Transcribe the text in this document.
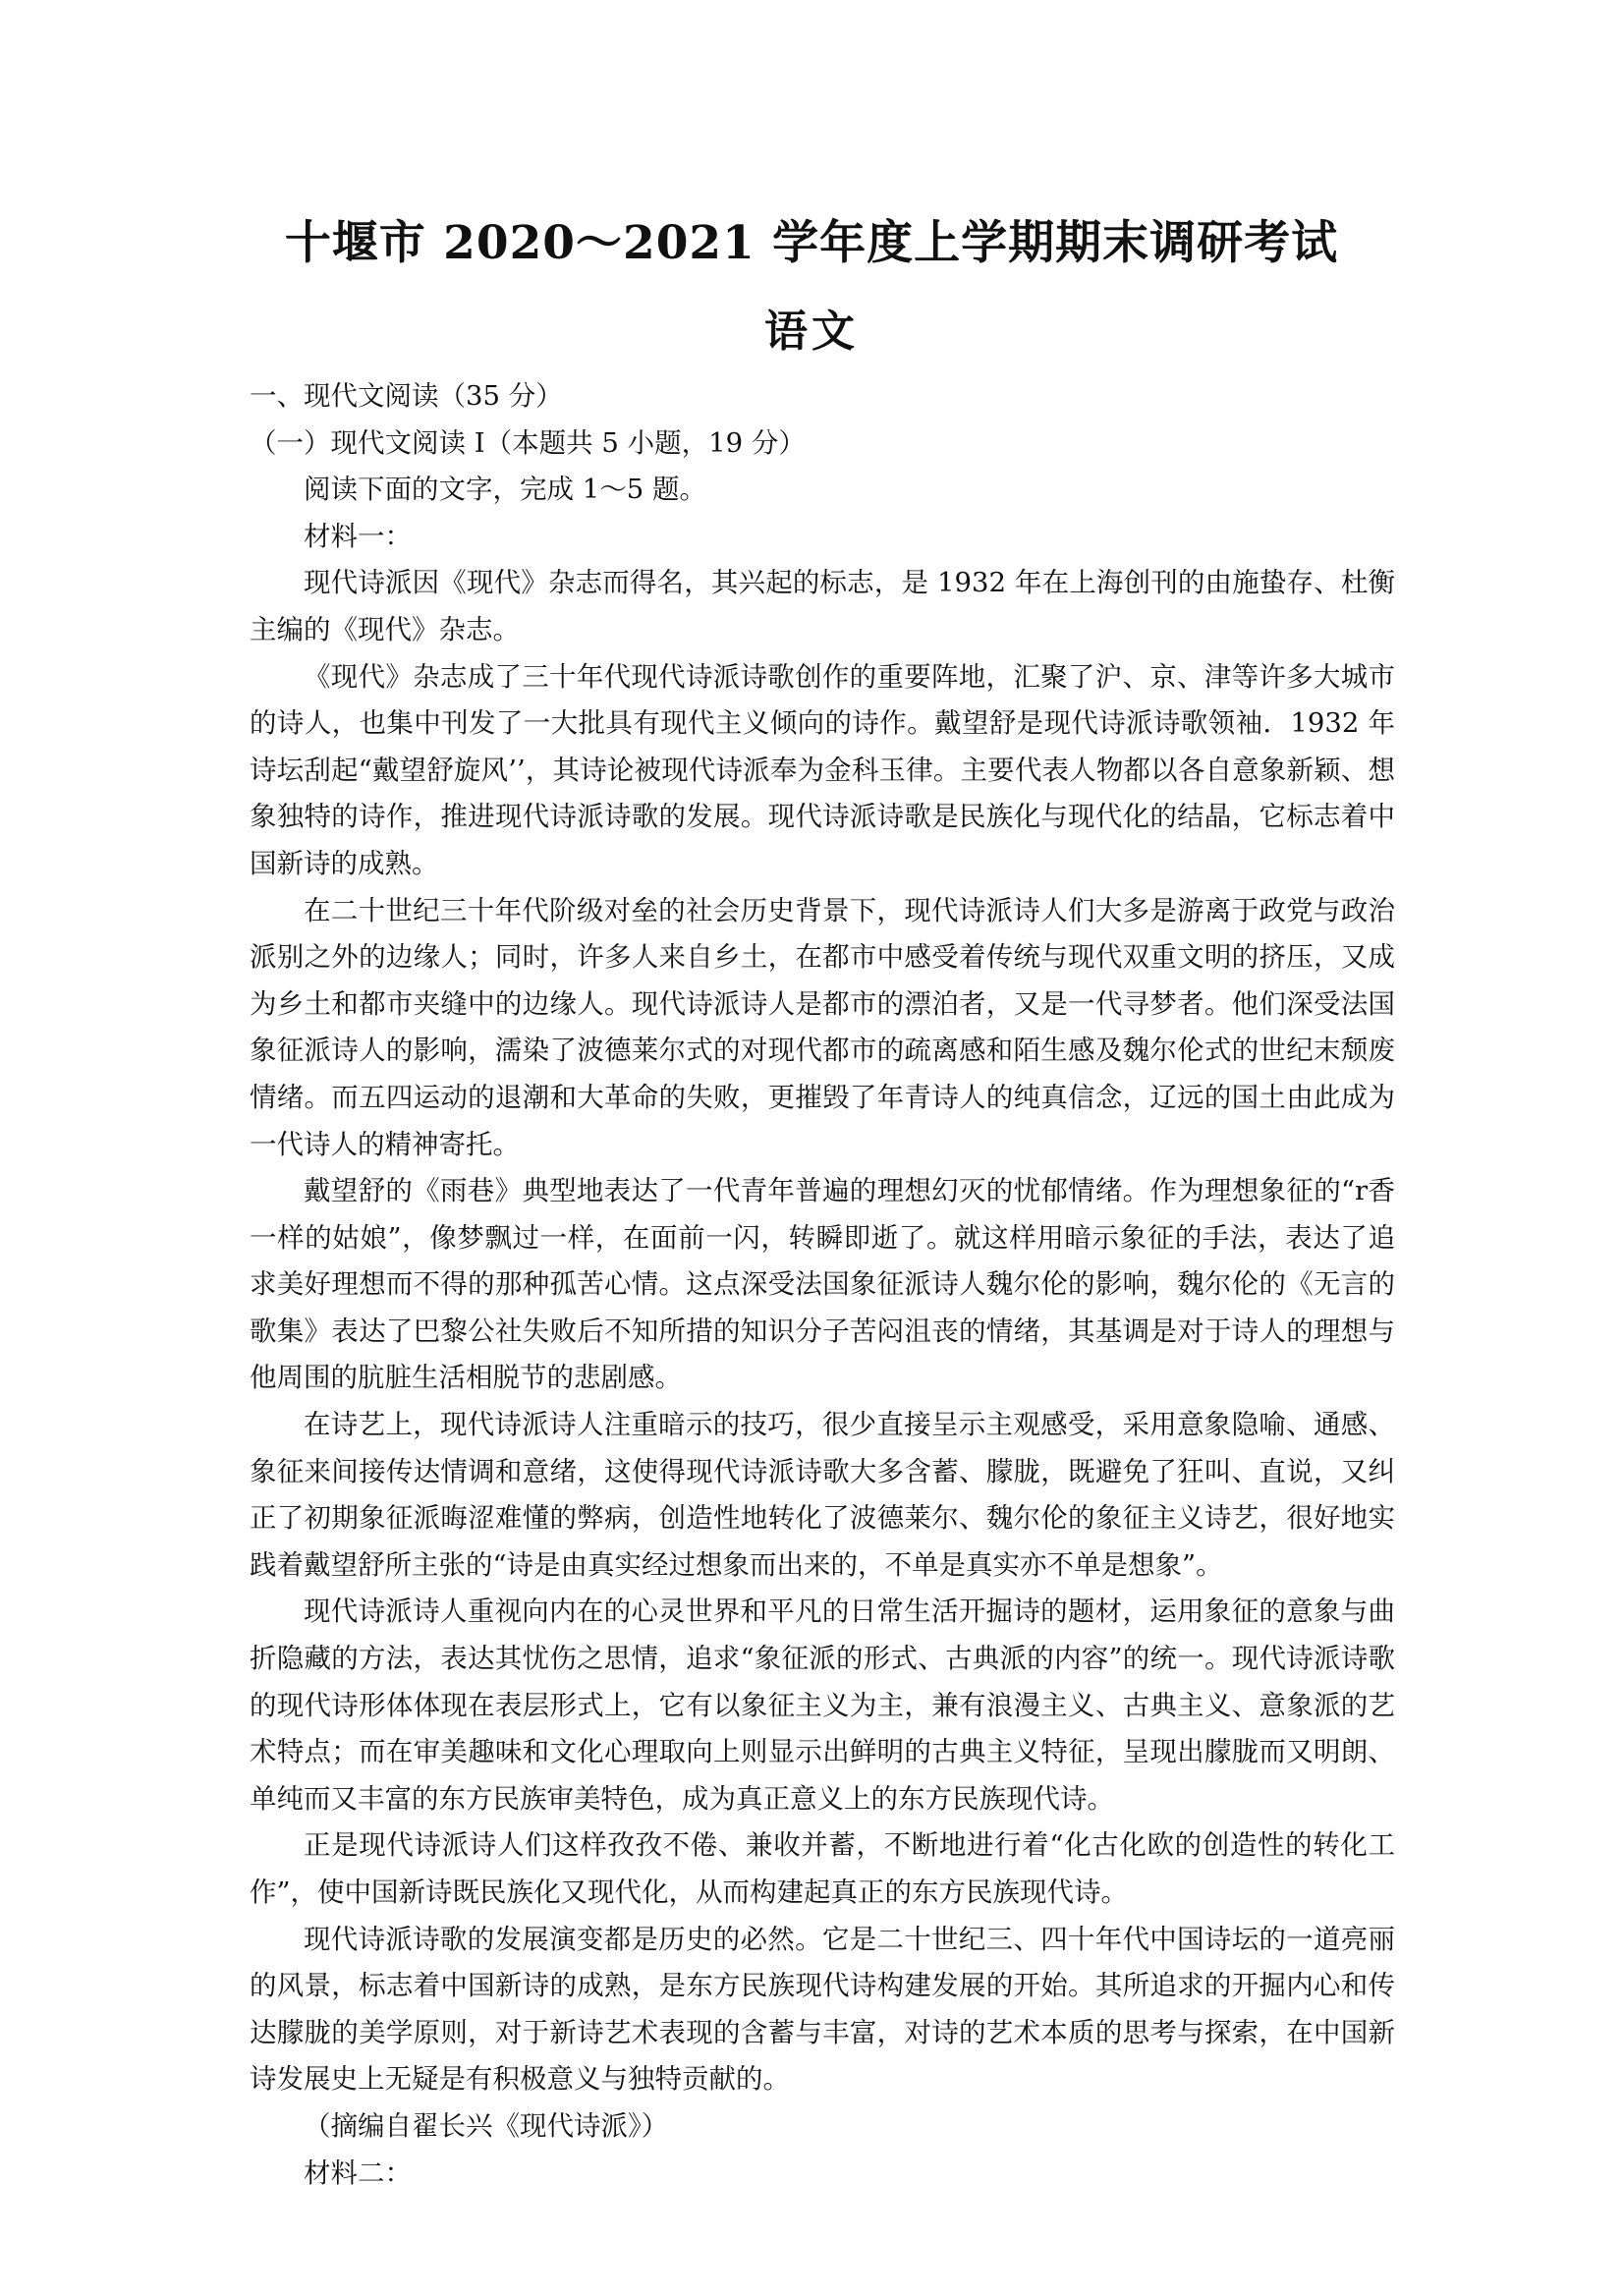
十堰市 2020～2021 学年度上学期期末调研考试
语文

一、现代文阅读（35 分）

（一）现代文阅读 I（本题共 5 小题，19 分）

阅读下面的文字，完成 1～5 题。

材料一：

现代诗派因《现代》杂志而得名，其兴起的标志，是 1932 年在上海创刊的由施蛰存、杜衡主编的《现代》杂志。

《现代》杂志成了三十年代现代诗派诗歌创作的重要阵地，汇聚了沪、京、津等许多大城市的诗人，也集中刊发了一大批具有现代主义倾向的诗作。戴望舒是现代诗派诗歌领袖．1932 年诗坛刮起“戴望舒旋风’’，其诗论被现代诗派奉为金科玉律。主要代表人物都以各自意象新颖、想象独特的诗作，推进现代诗派诗歌的发展。现代诗派诗歌是民族化与现代化的结晶，它标志着中国新诗的成熟。

在二十世纪三十年代阶级对垒的社会历史背景下，现代诗派诗人们大多是游离于政党与政治派别之外的边缘人；同时，许多人来自乡土，在都市中感受着传统与现代双重文明的挤压，又成为乡土和都市夹缝中的边缘人。现代诗派诗人是都市的漂泊者，又是一代寻梦者。他们深受法国象征派诗人的影响，濡染了波德莱尔式的对现代都市的疏离感和陌生感及魏尔伦式的世纪末颓废情绪。而五四运动的退潮和大革命的失败，更摧毁了年青诗人的纯真信念，辽远的国土由此成为一代诗人的精神寄托。

戴望舒的《雨巷》典型地表达了一代青年普遍的理想幻灭的忧郁情绪。作为理想象征的“r香一样的姑娘”，像梦飘过一样，在面前一闪，转瞬即逝了。就这样用暗示象征的手法，表达了追求美好理想而不得的那种孤苦心情。这点深受法国象征派诗人魏尔伦的影响，魏尔伦的《无言的歌集》表达了巴黎公社失败后不知所措的知识分子苦闷沮丧的情绪，其基调是对于诗人的理想与他周围的肮脏生活相脱节的悲剧感。

在诗艺上，现代诗派诗人注重暗示的技巧，很少直接呈示主观感受，采用意象隐喻、通感、象征来间接传达情调和意绪，这使得现代诗派诗歌大多含蓄、朦胧，既避免了狂叫、直说，又纠正了初期象征派晦涩难懂的弊病，创造性地转化了波德莱尔、魏尔伦的象征主义诗艺，很好地实践着戴望舒所主张的“诗是由真实经过想象而出来的，不单是真实亦不单是想象”。

现代诗派诗人重视向内在的心灵世界和平凡的日常生活开掘诗的题材，运用象征的意象与曲折隐藏的方法，表达其忧伤之思情，追求“象征派的形式、古典派的内容”的统一。现代诗派诗歌的现代诗形体体现在表层形式上，它有以象征主义为主，兼有浪漫主义、古典主义、意象派的艺术特点；而在审美趣味和文化心理取向上则显示出鲜明的古典主义特征，呈现出朦胧而又明朗、单纯而又丰富的东方民族审美特色，成为真正意义上的东方民族现代诗。

正是现代诗派诗人们这样孜孜不倦、兼收并蓄，不断地进行着“化古化欧的创造性的转化工作”，使中国新诗既民族化又现代化，从而构建起真正的东方民族现代诗。

现代诗派诗歌的发展演变都是历史的必然。它是二十世纪三、四十年代中国诗坛的一道亮丽的风景，标志着中国新诗的成熟，是东方民族现代诗构建发展的开始。其所追求的开掘内心和传达朦胧的美学原则，对于新诗艺术表现的含蓄与丰富，对诗的艺术本质的思考与探索，在中国新诗发展史上无疑是有积极意义与独特贡献的。

（摘编自翟长兴《现代诗派》）

材料二：
